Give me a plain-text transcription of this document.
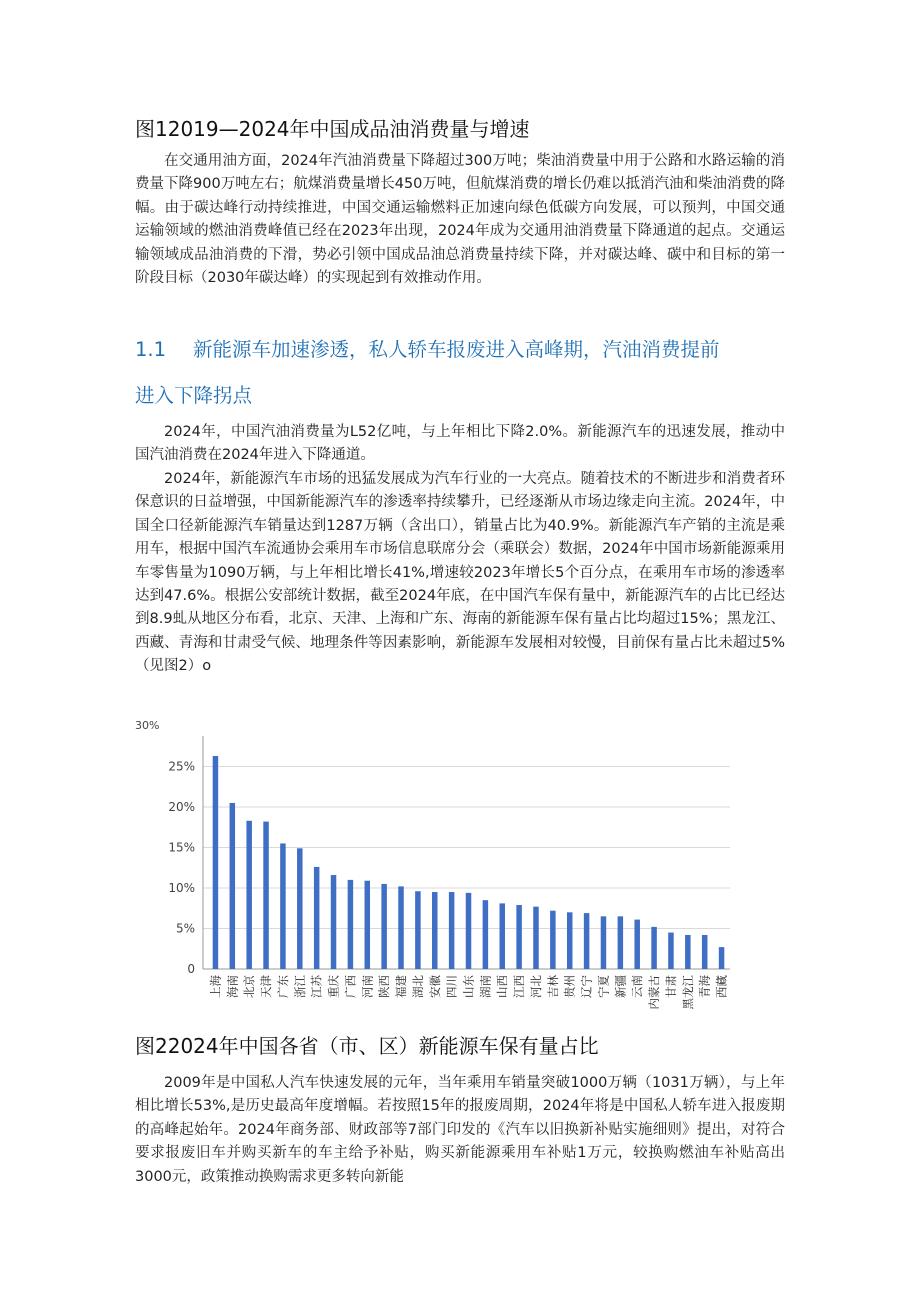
图12019—2024年中国成品油消费量与增速

在交通用油方面，2024年汽油消费量下降超过300万吨；柴油消费量中用于公路和水路运输的消费量下降900万吨左右；航煤消费量增长450万吨，但航煤消费的增长仍难以抵消汽油和柴油消费的降幅。由于碳达峰行动持续推进，中国交通运输燃料正加速向绿色低碳方向发展，可以预判，中国交通运输领域的燃油消费峰值已经在2023年出现，2024年成为交通用油消费量下降通道的起点。交通运输领域成品油消费的下滑，势必引领中国成品油总消费量持续下降，并对碳达峰、碳中和目标的第一阶段目标（2030年碳达峰）的实现起到有效推动作用。

1.1 新能源车加速渗透，私人轿车报废进入高峰期，汽油消费提前
进入下降拐点

2024年，中国汽油消费量为L52亿吨，与上年相比下降2.0%。新能源汽车的迅速发展，推动中国汽油消费在2024年进入下降通道。

2024年，新能源汽车市场的迅猛发展成为汽车行业的一大亮点。随着技术的不断进步和消费者环保意识的日益增强，中国新能源汽车的渗透率持续攀升，已经逐渐从市场边缘走向主流。2024年，中国全口径新能源汽车销量达到1287万辆（含出口），销量占比为40.9%。新能源汽车产销的主流是乘用车，根据中国汽车流通协会乘用车市场信息联席分会（乘联会）数据，2024年中国市场新能源乘用车零售量为1090万辆，与上年相比增长41%,增速较2023年增长5个百分点，在乘用车市场的渗透率达到47.6%。根据公安部统计数据，截至2024年底，在中国汽车保有量中，新能源汽车的占比已经达到8.9虬从地区分布看，北京、天津、上海和广东、海南的新能源车保有量占比均超过15%；黑龙江、西藏、青海和甘肃受气候、地理条件等因素影响，新能源车发展相对较慢，目前保有量占比未超过5%（见图2）o

0
5%
10%
15%
20%
25%
30%
上海 海南 北京 天津 广东 浙江 江苏 重庆 广西 河南 陕西 福建 湖北 安徽 四川 山东 湖南 山西 江西 河北 吉林 贵州 辽宁 宁夏 新疆 云南 内蒙古 甘肃 黑龙江 青海 西藏
图22024年中国各省（市、区）新能源车保有量占比

2009年是中国私人汽车快速发展的元年，当年乘用车销量突破1000万辆（1031万辆），与上年相比增长53%,是历史最高年度增幅。若按照15年的报废周期，2024年将是中国私人轿车进入报废期的高峰起始年。2024年商务部、财政部等7部门印发的《汽车以旧换新补贴实施细则》提出，对符合要求报废旧车并购买新车的车主给予补贴，购买新能源乘用车补贴1万元，较换购燃油车补贴高出3000元，政策推动换购需求更多转向新能
